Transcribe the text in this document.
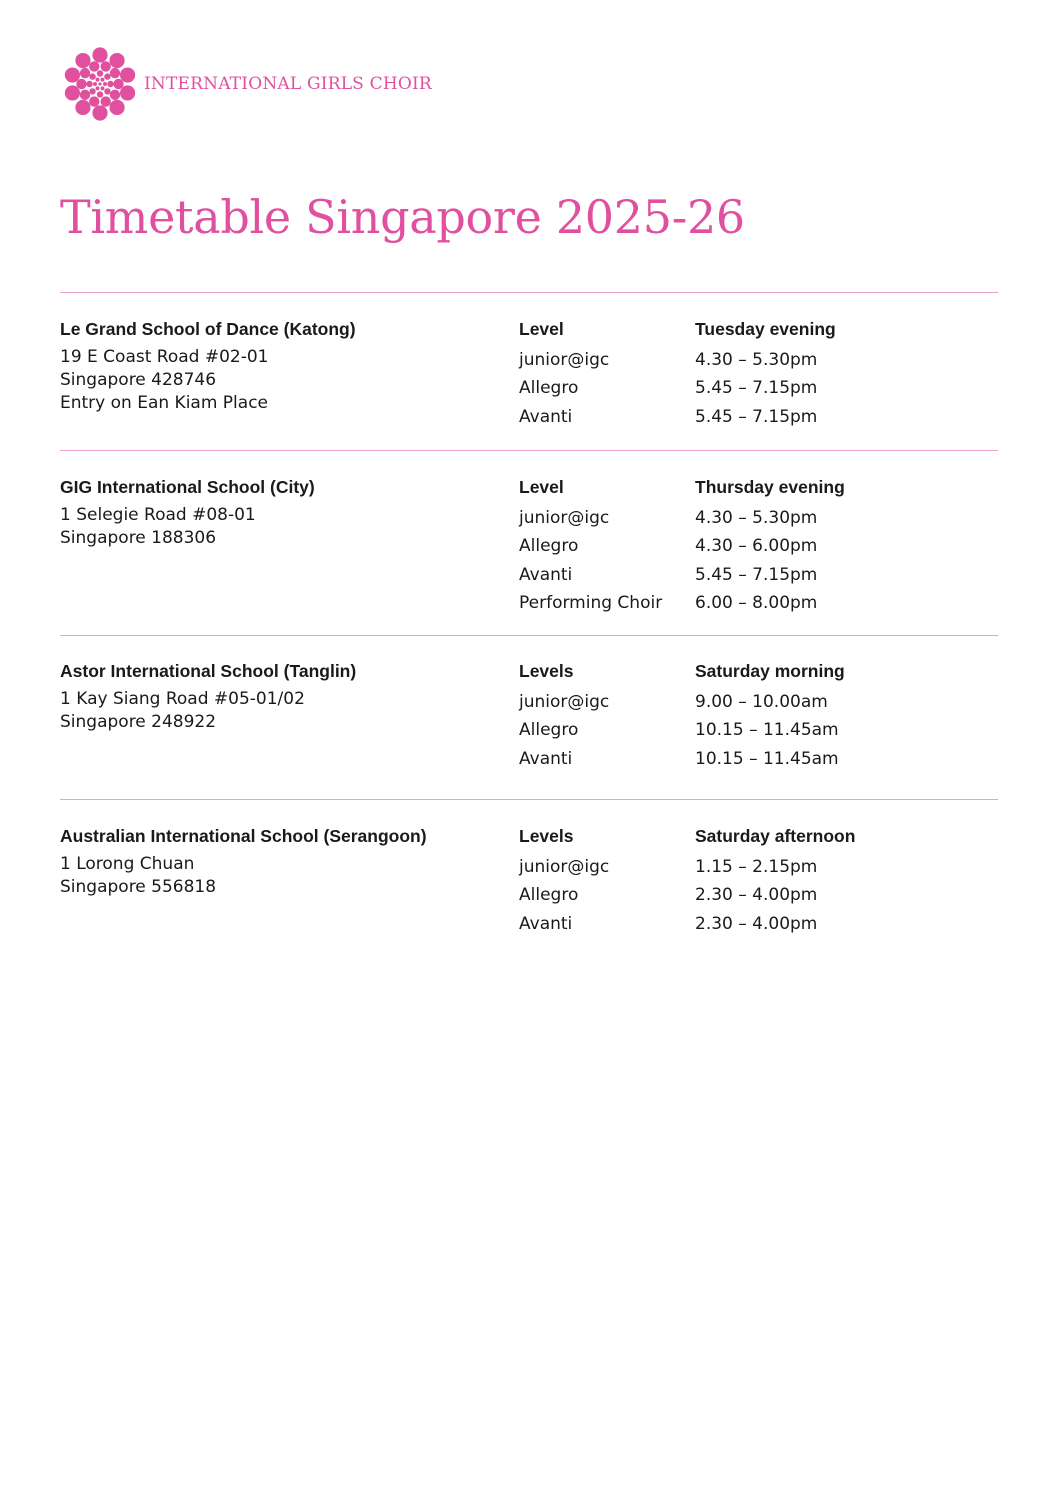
INTERNATIONAL GIRLS CHOIR
Timetable Singapore 2025-26
Le Grand School of Dance (Katong)
19 E Coast Road #02-01
Singapore 428746
Entry on Ean Kiam Place
Level
junior@igc
Allegro
Avanti
Tuesday evening
4.30 – 5.30pm
5.45 – 7.15pm
5.45 – 7.15pm
GIG International School (City)
1 Selegie Road #08-01
Singapore 188306
Level
junior@igc
Allegro
Avanti
Performing Choir
Thursday evening
4.30 – 5.30pm
4.30 – 6.00pm
5.45 – 7.15pm
6.00 – 8.00pm
Astor International School (Tanglin)
1 Kay Siang Road #05-01/02
Singapore 248922
Levels
junior@igc
Allegro
Avanti
Saturday morning
9.00 – 10.00am
10.15 – 11.45am
10.15 – 11.45am
Australian International School (Serangoon)
1 Lorong Chuan
Singapore 556818
Levels
junior@igc
Allegro
Avanti
Saturday afternoon
1.15 – 2.15pm
2.30 – 4.00pm
2.30 – 4.00pm
